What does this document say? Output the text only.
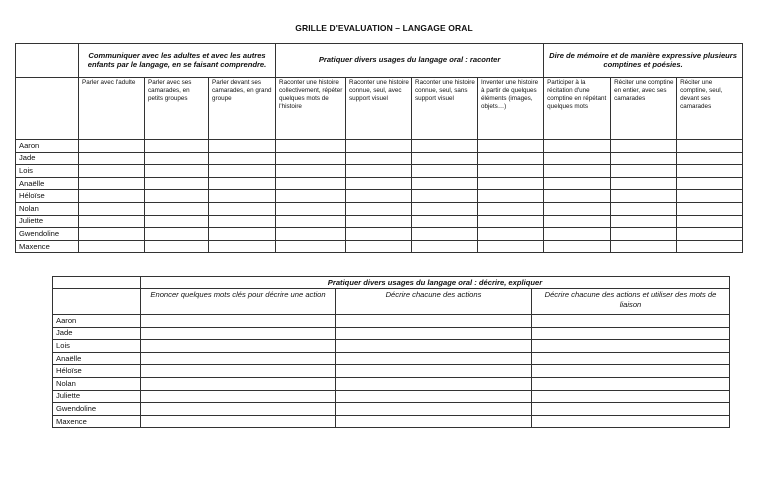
GRILLE D'EVALUATION – LANGAGE ORAL
	Communiquer avec les adultes et avec les autres enfants par le langage, en se faisant comprendre.			Pratiquer divers usages du langage oral : raconter				Dire de mémoire et de manière expressive plusieurs comptines et poésies.		
	Parler avec l'adulte	Parler avec ses camarades, en petits groupes	Parler devant ses camarades, en grand groupe	Raconter une histoire collectivement, répéter quelques mots de l'histoire	Raconter une histoire connue, seul, avec support visuel	Raconter une histoire connue, seul, sans support visuel	Inventer une histoire à partir de quelques éléments (images, objets…)	Participer à la récitation d'une comptine en répétant quelques mots	Réciter une comptine en entier, avec ses camarades	Réciter une comptine, seul, devant ses camarades
Aaron										
Jade										
Lois										
Anaëlle										
Héloïse										
Nolan										
Juliette										
Gwendoline										
Maxence										
	Pratiquer divers usages du langage oral : décrire, expliquer		
	Enoncer quelques mots clés pour décrire une action	Décrire chacune des actions	Décrire chacune des actions et utiliser des mots de liaison
Aaron			
Jade			
Lois			
Anaëlle			
Héloïse			
Nolan			
Juliette			
Gwendoline			
Maxence			
